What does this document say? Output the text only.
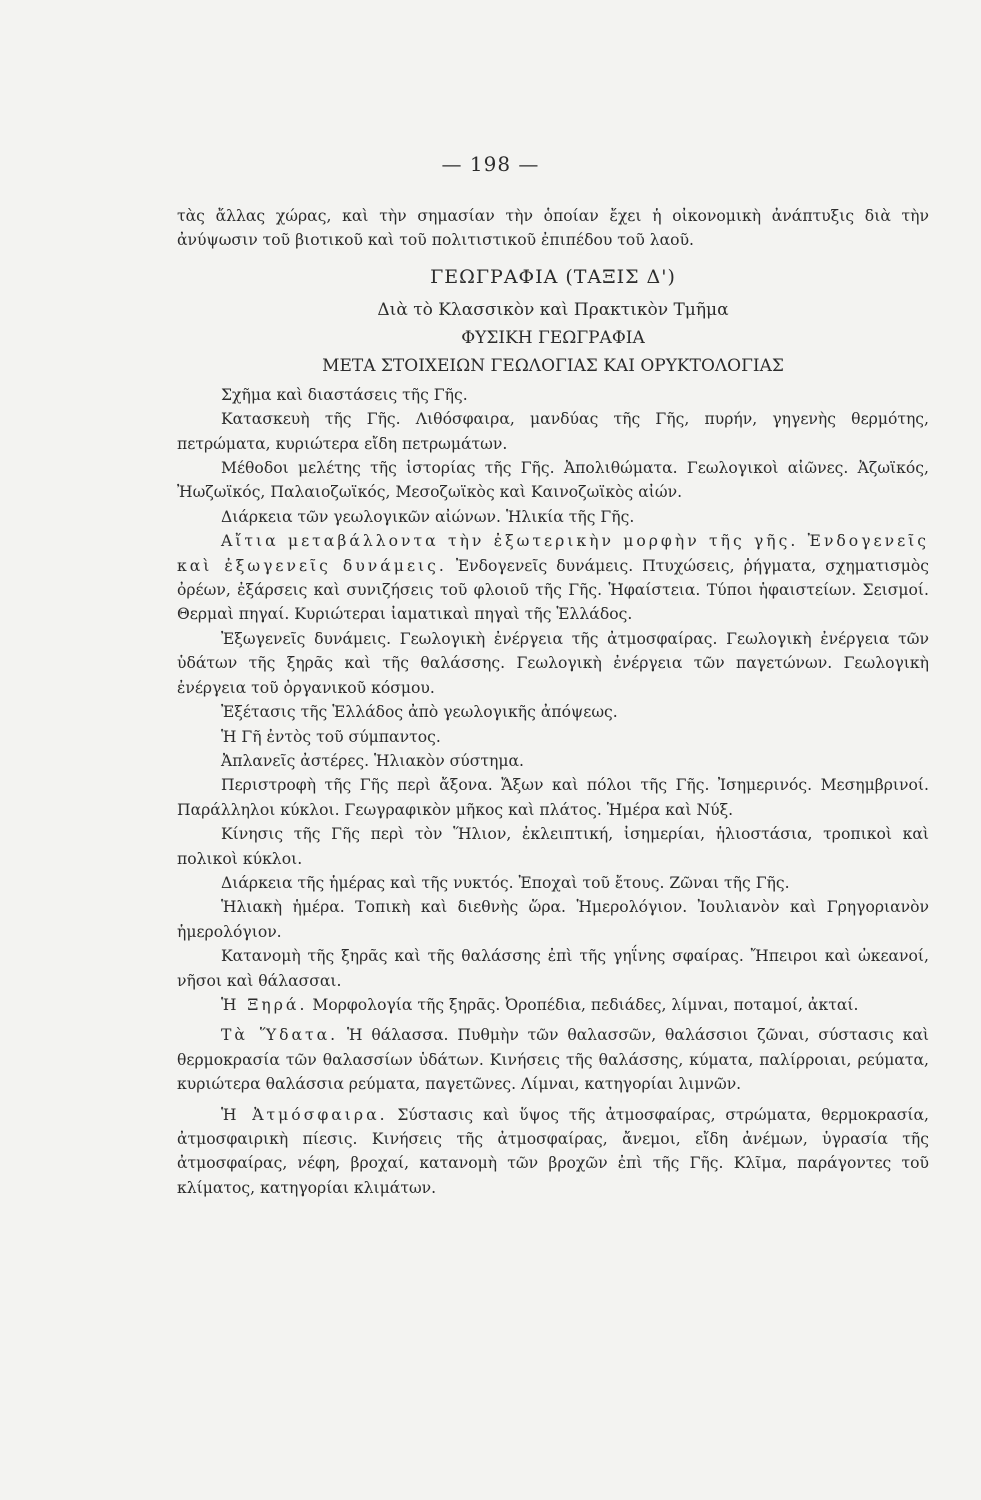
— 198 —

τὰς ἄλλας χώρας, καὶ τὴν σημασίαν τὴν ὁποίαν ἔχει ἡ οἰκονομικὴ ἀνάπτυξις διὰ τὴν ἀνύψωσιν τοῦ βιοτικοῦ καὶ τοῦ πολιτιστικοῦ ἐπιπέδου τοῦ λαοῦ.

ΓΕΩΓΡΑΦΙΑ (ΤΑΞΙΣ Δ')

Διὰ τὸ Κλασσικὸν καὶ Πρακτικὸν Τμῆμα

ΦΥΣΙΚΗ ΓΕΩΓΡΑΦΙΑ

ΜΕΤΑ ΣΤΟΙΧΕΙΩΝ ΓΕΩΛΟΓΙΑΣ ΚΑΙ ΟΡΥΚΤΟΛΟΓΙΑΣ

Σχῆμα καὶ διαστάσεις τῆς Γῆς.

Κατασκευὴ τῆς Γῆς. Λιθόσφαιρα, μανδύας τῆς Γῆς, πυρήν, γηγενὴς θερμότης, πετρώματα, κυριώτερα εἴδη πετρωμάτων.

Μέθοδοι μελέτης τῆς ἱστορίας τῆς Γῆς. Ἀπολιθώματα. Γεωλογικοὶ αἰῶνες. Ἀζωϊκός, Ἠωζωϊκός, Παλαιοζωϊκός, Μεσοζωϊκὸς καὶ Καινοζωϊκὸς αἰών.

Διάρκεια τῶν γεωλογικῶν αἰώνων. Ἡλικία τῆς Γῆς.

Αἴτια μεταβάλλοντα τὴν ἐξωτερικὴν μορφὴν τῆς γῆς. Ἐνδογενεῖς καὶ ἐξωγενεῖς δυνάμεις. Ἐνδογενεῖς δυνάμεις. Πτυχώσεις, ῥήγματα, σχηματισμὸς ὀρέων, ἐξάρσεις καὶ συνιζήσεις τοῦ φλοιοῦ τῆς Γῆς. Ἡφαίστεια. Τύποι ἡφαιστείων. Σεισμοί. Θερμαὶ πηγαί. Κυριώτεραι ἰαματικαὶ πηγαὶ τῆς Ἑλλάδος.

Ἐξωγενεῖς δυνάμεις. Γεωλογικὴ ἐνέργεια τῆς ἀτμοσφαίρας. Γεωλογικὴ ἐνέργεια τῶν ὑδάτων τῆς ξηρᾶς καὶ τῆς θαλάσσης. Γεωλογικὴ ἐνέργεια τῶν παγετώνων. Γεωλογικὴ ἐνέργεια τοῦ ὀργανικοῦ κόσμου.

Ἐξέτασις τῆς Ἑλλάδος ἀπὸ γεωλογικῆς ἀπόψεως.

Ἡ Γῆ ἐντὸς τοῦ σύμπαντος.

Ἀπλανεῖς ἀστέρες. Ἡλιακὸν σύστημα.

Περιστροφὴ τῆς Γῆς περὶ ἄξονα. Ἄξων καὶ πόλοι τῆς Γῆς. Ἰσημερινός. Μεσημβρινοί. Παράλληλοι κύκλοι. Γεωγραφικὸν μῆκος καὶ πλάτος. Ἡμέρα καὶ Νύξ.

Κίνησις τῆς Γῆς περὶ τὸν Ἥλιον, ἐκλειπτική, ἰσημερίαι, ἡλιοστάσια, τροπικοὶ καὶ πολικοὶ κύκλοι.

Διάρκεια τῆς ἡμέρας καὶ τῆς νυκτός. Ἐποχαὶ τοῦ ἔτους. Ζῶναι τῆς Γῆς.

Ἡλιακὴ ἡμέρα. Τοπικὴ καὶ διεθνὴς ὥρα. Ἡμερολόγιον. Ἰουλιανὸν καὶ Γρηγοριανὸν ἡμερολόγιον.

Κατανομὴ τῆς ξηρᾶς καὶ τῆς θαλάσσης ἐπὶ τῆς γηΐνης σφαίρας. Ἤπειροι καὶ ὠκεανοί, νῆσοι καὶ θάλασσαι.

Ἡ Ξηρά. Μορφολογία τῆς ξηρᾶς. Ὀροπέδια, πεδιάδες, λίμναι, ποταμοί, ἀκταί.

Τὰ Ὕδατα. Ἡ θάλασσα. Πυθμὴν τῶν θαλασσῶν, θαλάσσιοι ζῶναι, σύστασις καὶ θερμοκρασία τῶν θαλασσίων ὑδάτων. Κινήσεις τῆς θαλάσσης, κύματα, παλίρροιαι, ρεύματα, κυριώτερα θαλάσσια ρεύματα, παγετῶνες. Λίμναι, κατηγορίαι λιμνῶν.

Ἡ Ἀτμόσφαιρα. Σύστασις καὶ ὕψος τῆς ἀτμοσφαίρας, στρώματα, θερμοκρασία, ἀτμοσφαιρικὴ πίεσις. Κινήσεις τῆς ἀτμοσφαίρας, ἄνεμοι, εἴδη ἀνέμων, ὑγρασία τῆς ἀτμοσφαίρας, νέφη, βροχαί, κατανομὴ τῶν βροχῶν ἐπὶ τῆς Γῆς. Κλῖμα, παράγοντες τοῦ κλίματος, κατηγορίαι κλιμάτων.
